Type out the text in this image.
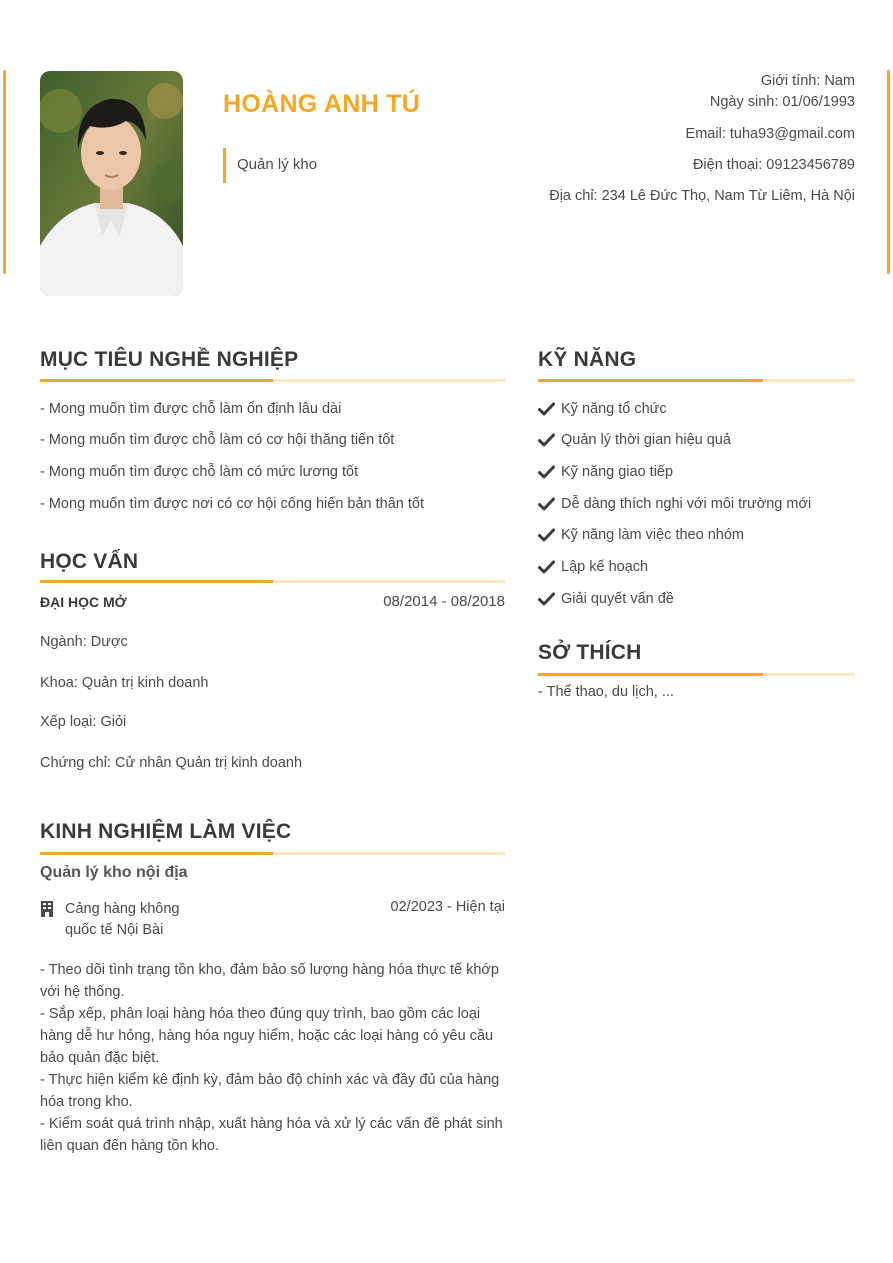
HOÀNG ANH TÚ
Quản lý kho
Giới tính: Nam
Ngày sinh: 01/06/1993
Email: tuha93@gmail.com
Điện thoại: 09123456789
Địa chỉ: 234 Lê Đức Thọ, Nam Từ Liêm, Hà Nội
MỤC TIÊU NGHỀ NGHIỆP
- Mong muốn tìm được chỗ làm ổn định lâu dài
- Mong muốn tìm được chỗ làm có cơ hội thăng tiến tốt
- Mong muốn tìm được chỗ làm có mức lương tốt
- Mong muốn tìm được nơi có cơ hội cống hiến bản thân tốt
HỌC VẤN
ĐẠI HỌC MỞ	08/2014 - 08/2018
Ngành: Dược
Khoa: Quản trị kinh doanh
Xếp loại: Giỏi
Chứng chỉ: Cử nhân Quản trị kinh doanh
KINH NGHIỆM LÀM VIỆC
Quản lý kho nội địa
Cảng hàng không quốc tế Nội Bài
02/2023 - Hiện tại
- Theo dõi tình trạng tồn kho, đảm bảo số lượng hàng hóa thực tế khớp với hệ thống.
- Sắp xếp, phân loại hàng hóa theo đúng quy trình, bao gồm các loại hàng dễ hư hỏng, hàng hóa nguy hiểm, hoặc các loại hàng có yêu cầu bảo quản đặc biệt.
- Thực hiện kiểm kê định kỳ, đảm bảo độ chính xác và đầy đủ của hàng hóa trong kho.
- Kiểm soát quá trình nhập, xuất hàng hóa và xử lý các vấn đề phát sinh liên quan đến hàng tồn kho.
KỸ NĂNG
Kỹ năng tổ chức
Quản lý thời gian hiệu quả
Kỹ năng giao tiếp
Dễ dàng thích nghi với môi trường mới
Kỹ năng làm việc theo nhóm
Lập kế hoạch
Giải quyết vấn đề
SỞ THÍCH
- Thể thao, du lịch, ...
